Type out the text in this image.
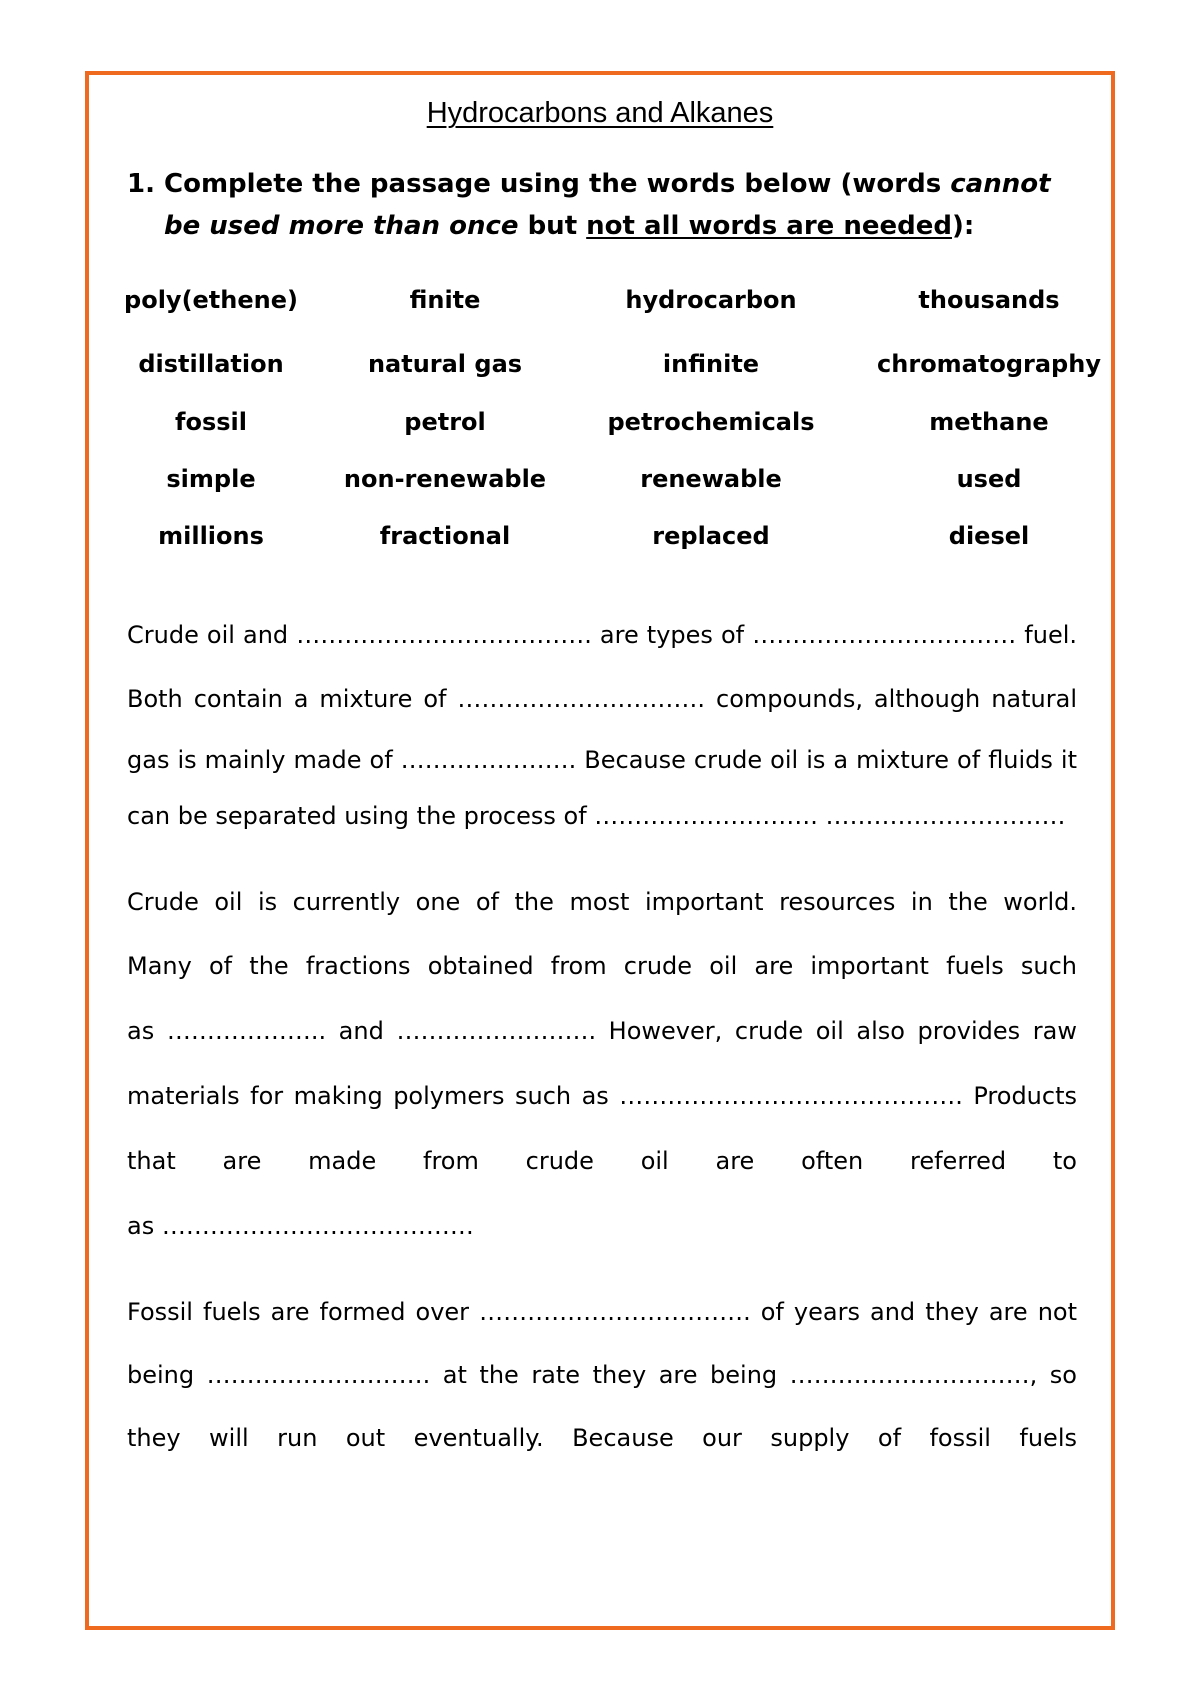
Hydrocarbons and Alkanes
1. Complete the passage using the words below (words cannot be used more than once but not all words are needed):
poly(ethene)	finite	hydrocarbon	thousands
distillation	natural gas	infinite	chromatography
fossil	petrol	petrochemicals	methane
simple	non-renewable	renewable	used
millions	fractional	replaced	diesel
Crude oil and ………………………………. are types of …………………………… fuel.
Both contain a mixture of …………………………. compounds, although natural
gas is mainly made of …………………. Because crude oil is a mixture of fluids it
can be separated using the process of ………………………. …………………………
Crude oil is currently one of the most important resources in the world.
Many of the fractions obtained from crude oil are important fuels such
as ……………….. and ……………………. However, crude oil also provides raw
materials for making polymers such as ……………………………………. Products
that are made from crude oil are often referred to
as …………………………………
Fossil fuels are formed over ……………………………. of years and they are not
being ………………………. at the rate they are being …………………………, so
they will run out eventually. Because our supply of fossil fuels
